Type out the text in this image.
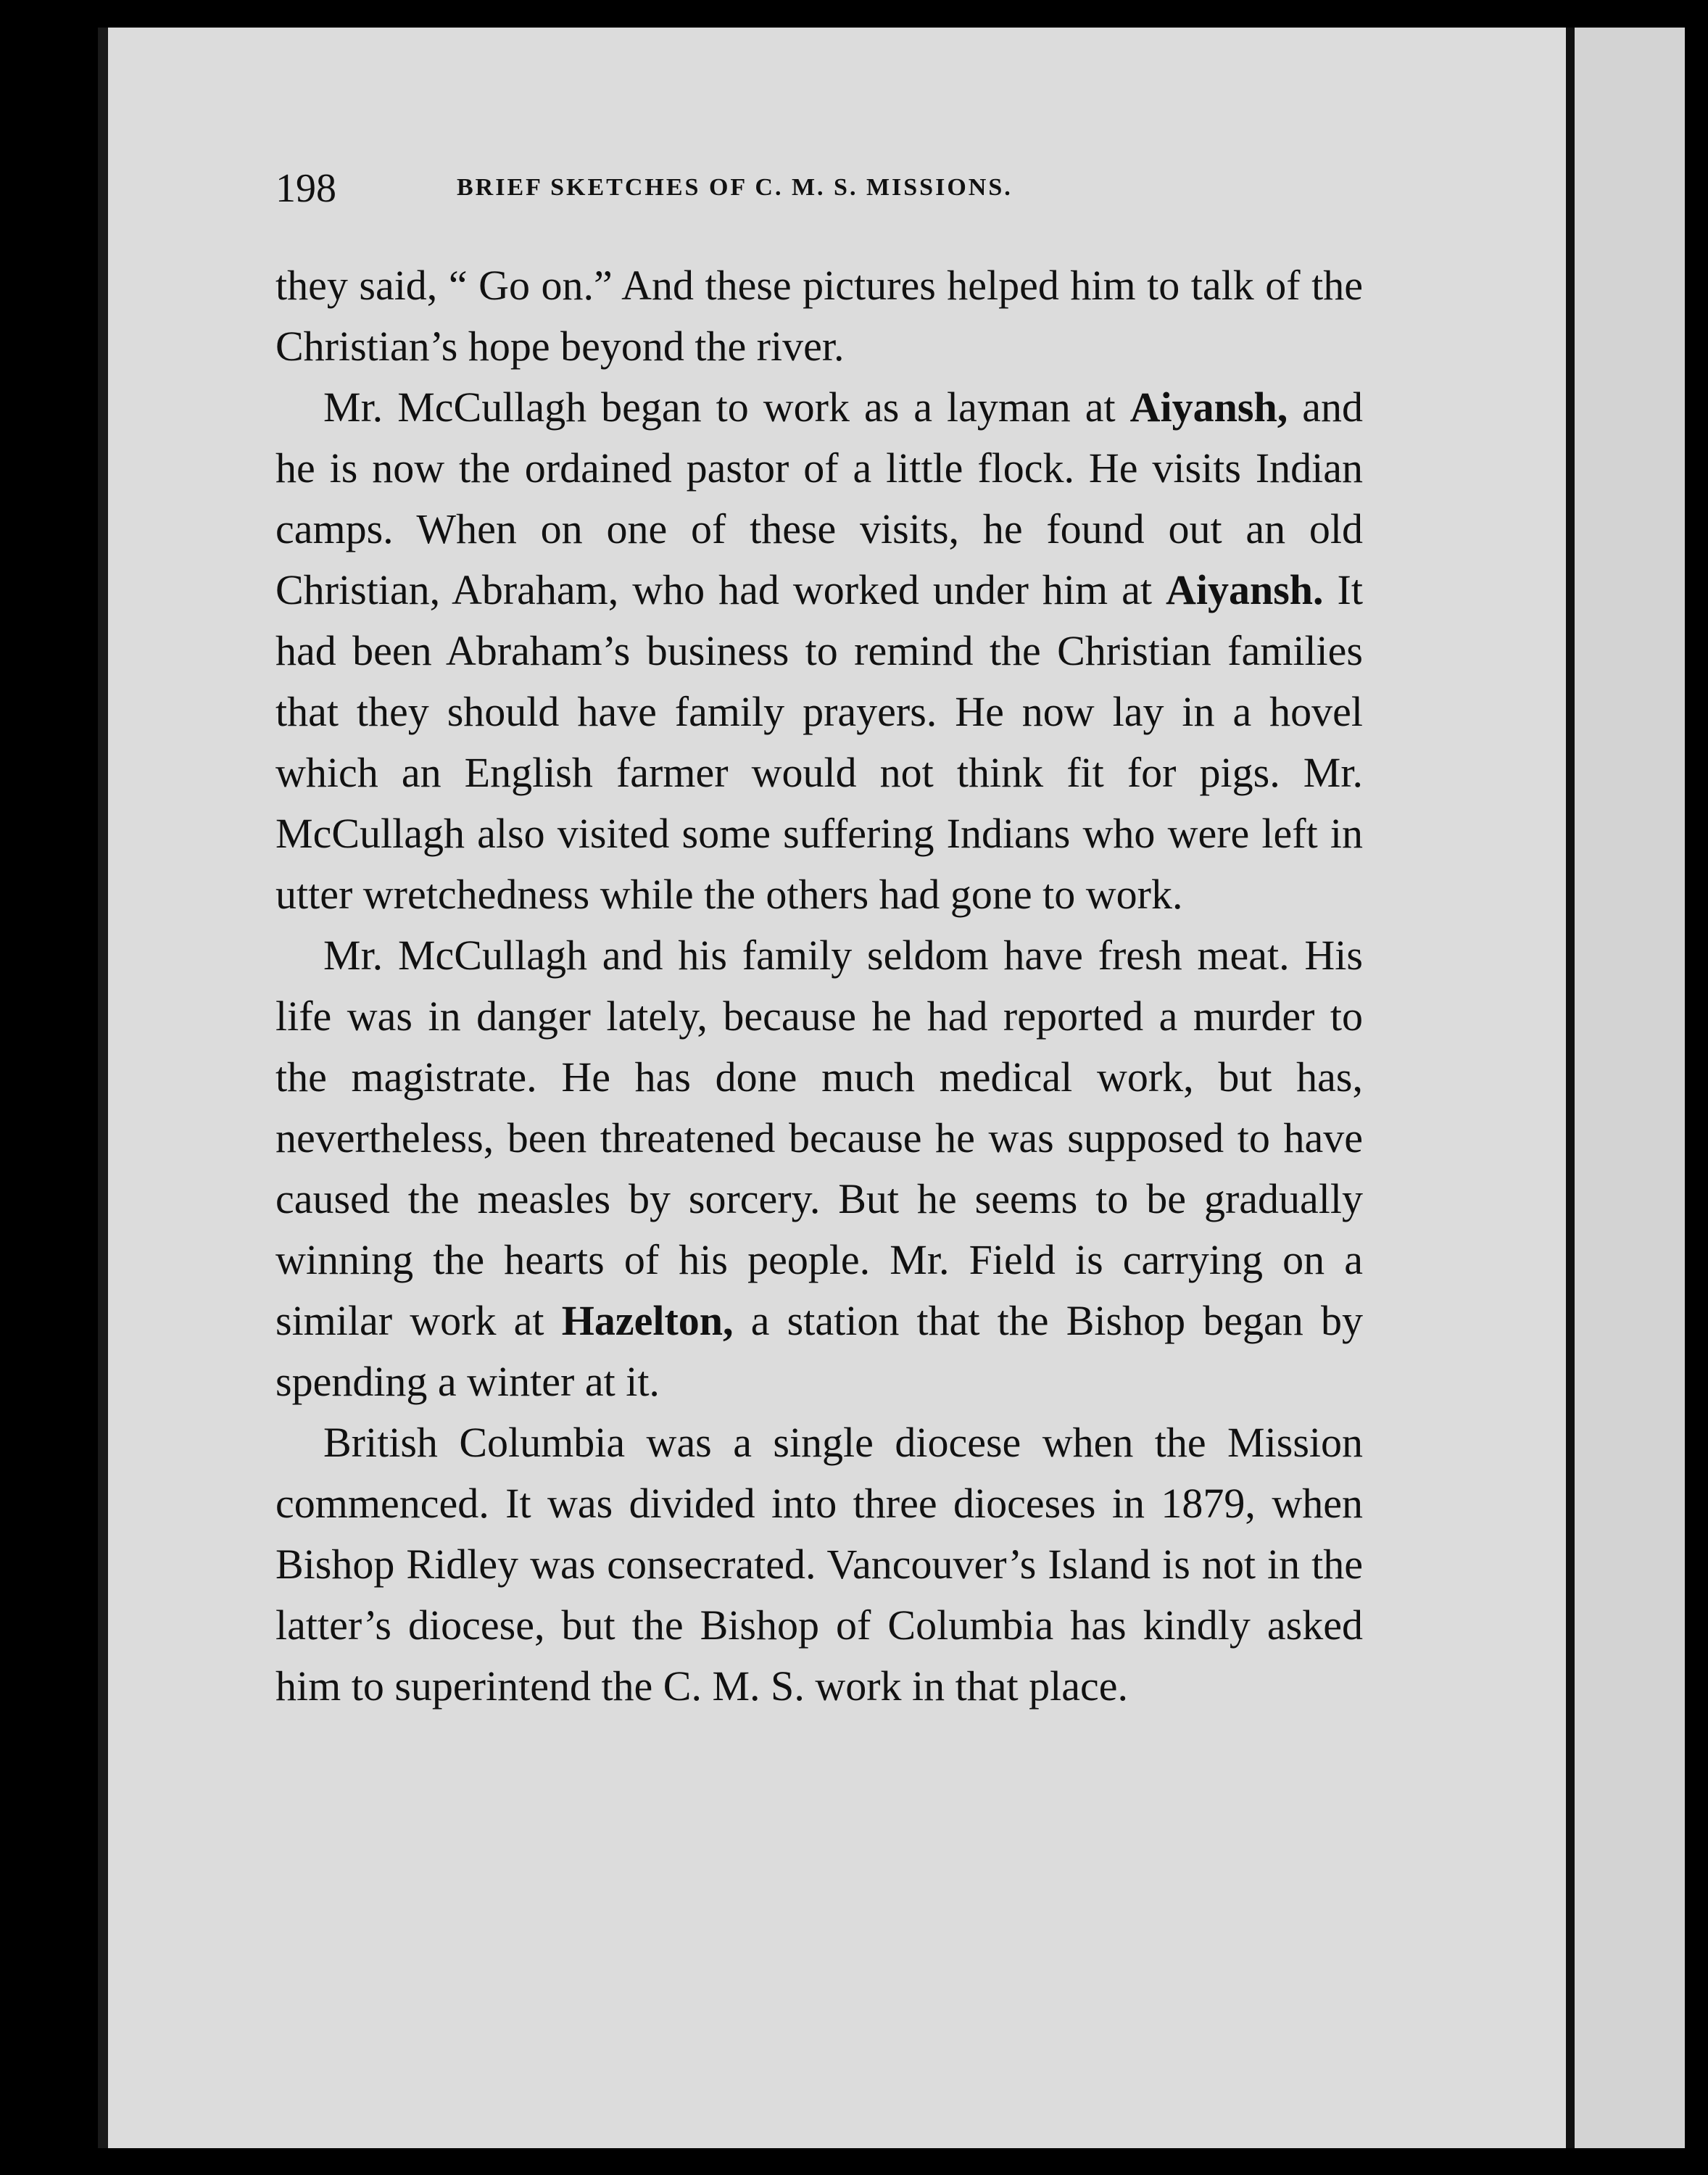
198	BRIEF SKETCHES OF C. M. S. MISSIONS.

they said, “ Go on.” And these pictures helped him to talk of the Christian’s hope beyond the river.

Mr. McCullagh began to work as a layman at Aiyansh, and he is now the ordained pastor of a little flock. He visits Indian camps. When on one of these visits, he found out an old Christian, Abraham, who had worked under him at Aiyansh. It had been Abraham’s business to remind the Christian families that they should have family prayers. He now lay in a hovel which an English farmer would not think fit for pigs. Mr. McCullagh also visited some suffering Indians who were left in utter wretchedness while the others had gone to work.

Mr. McCullagh and his family seldom have fresh meat. His life was in danger lately, because he had reported a murder to the magistrate. He has done much medical work, but has, nevertheless, been threatened because he was supposed to have caused the measles by sorcery. But he seems to be gradually winning the hearts of his people. Mr. Field is carrying on a similar work at Hazelton, a station that the Bishop began by spending a winter at it.

British Columbia was a single diocese when the Mission commenced. It was divided into three dioceses in 1879, when Bishop Ridley was consecrated. Vancouver’s Island is not in the latter’s diocese, but the Bishop of Columbia has kindly asked him to superintend the C. M. S. work in that place.
